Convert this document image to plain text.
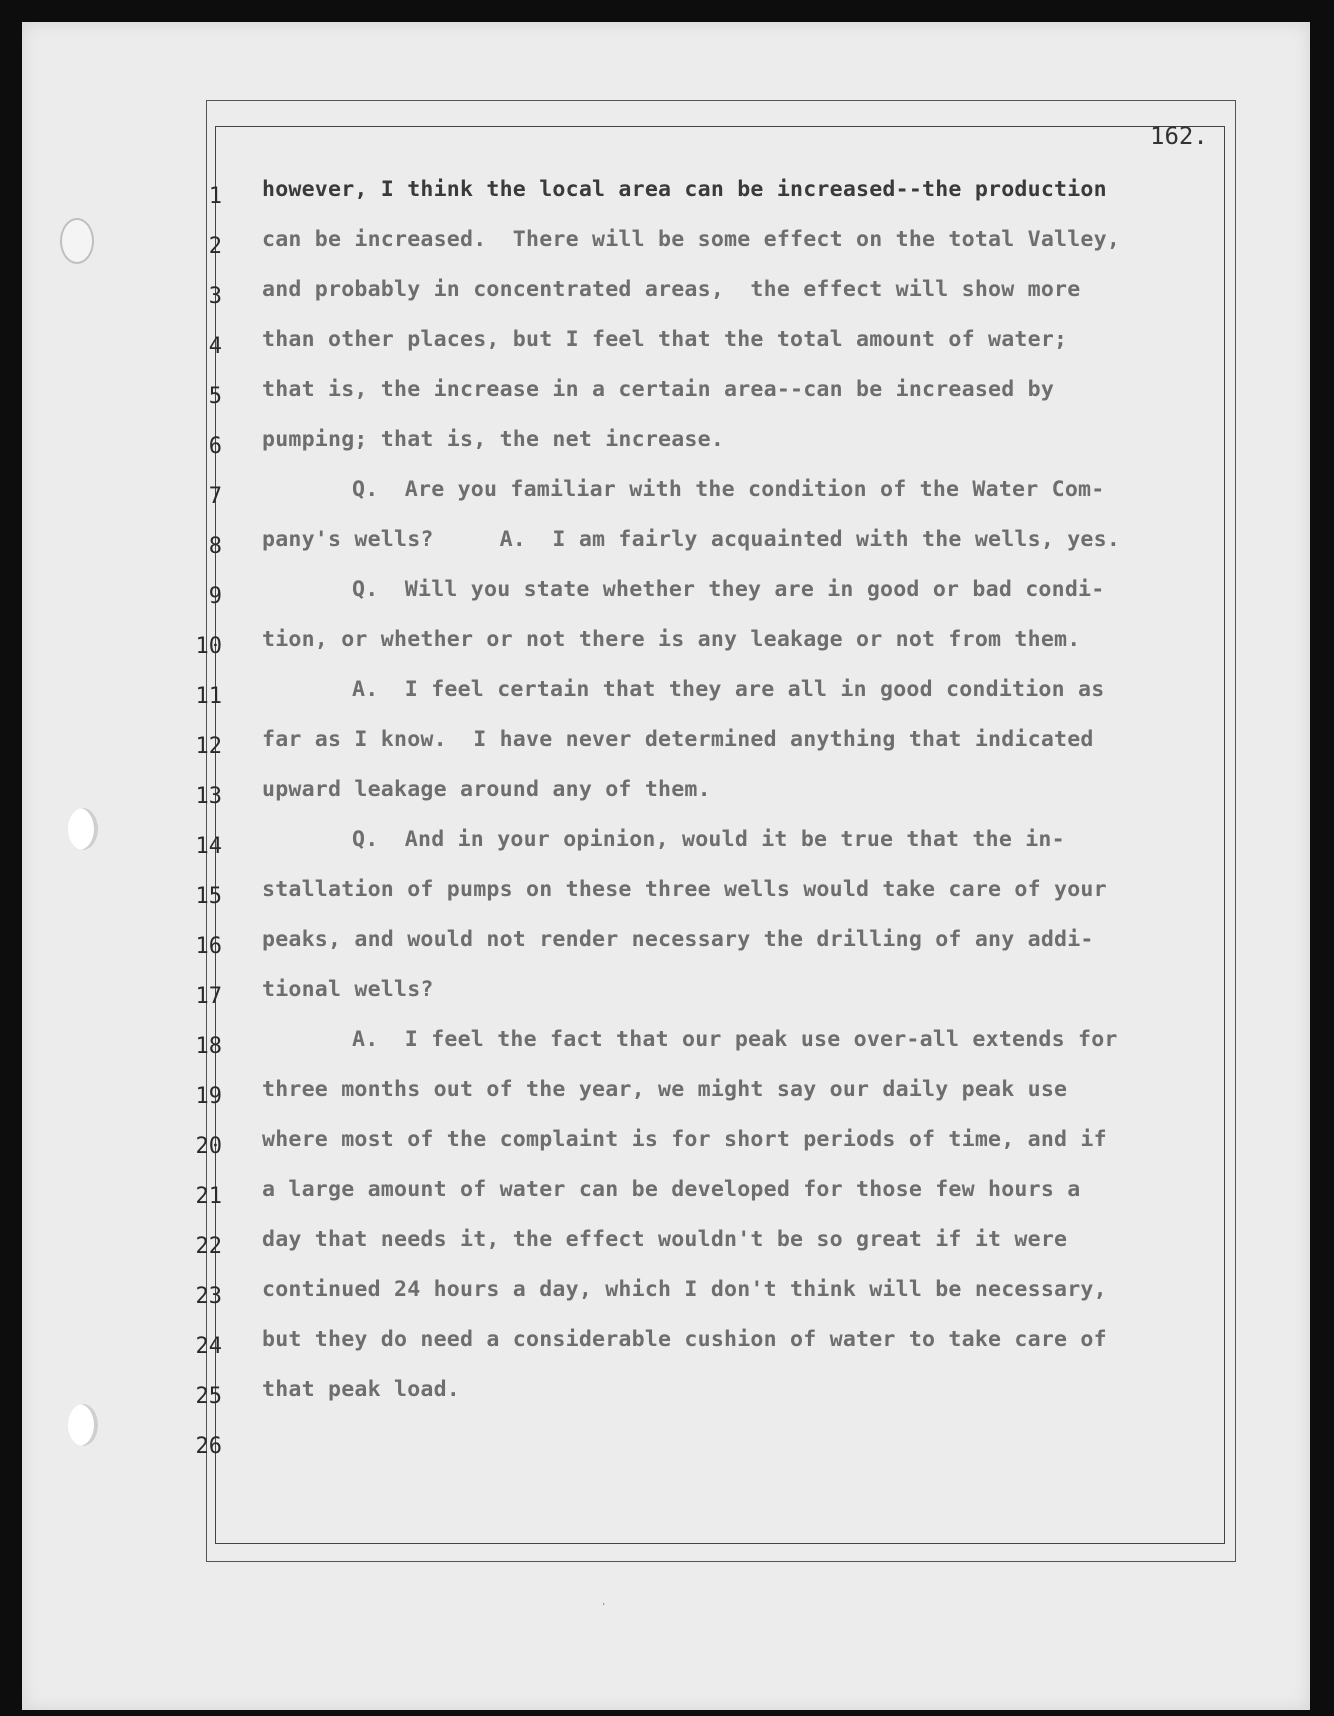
162.
1
2
3
4
5
6
7
8
9
10
11
12
13
14
15
16
17
18
19
20
21
22
23
24
25
26
however, I think the local area can be increased--the production
can be increased.  There will be some effect on the total Valley,
and probably in concentrated areas,  the effect will show more
than other places, but I feel that the total amount of water;
that is, the increase in a certain area--can be increased by
pumping; that is, the net increase.
Q.  Are you familiar with the condition of the Water Com-
pany's wells?     A.  I am fairly acquainted with the wells, yes.
Q.  Will you state whether they are in good or bad condi-
tion, or whether or not there is any leakage or not from them.
A.  I feel certain that they are all in good condition as
far as I know.  I have never determined anything that indicated
upward leakage around any of them.
Q.  And in your opinion, would it be true that the in-
stallation of pumps on these three wells would take care of your
peaks, and would not render necessary the drilling of any addi-
tional wells?
A.  I feel the fact that our peak use over-all extends for
three months out of the year, we might say our daily peak use
where most of the complaint is for short periods of time, and if
a large amount of water can be developed for those few hours a
day that needs it, the effect wouldn't be so great if it were
continued 24 hours a day, which I don't think will be necessary,
but they do need a considerable cushion of water to take care of
that peak load.
’
